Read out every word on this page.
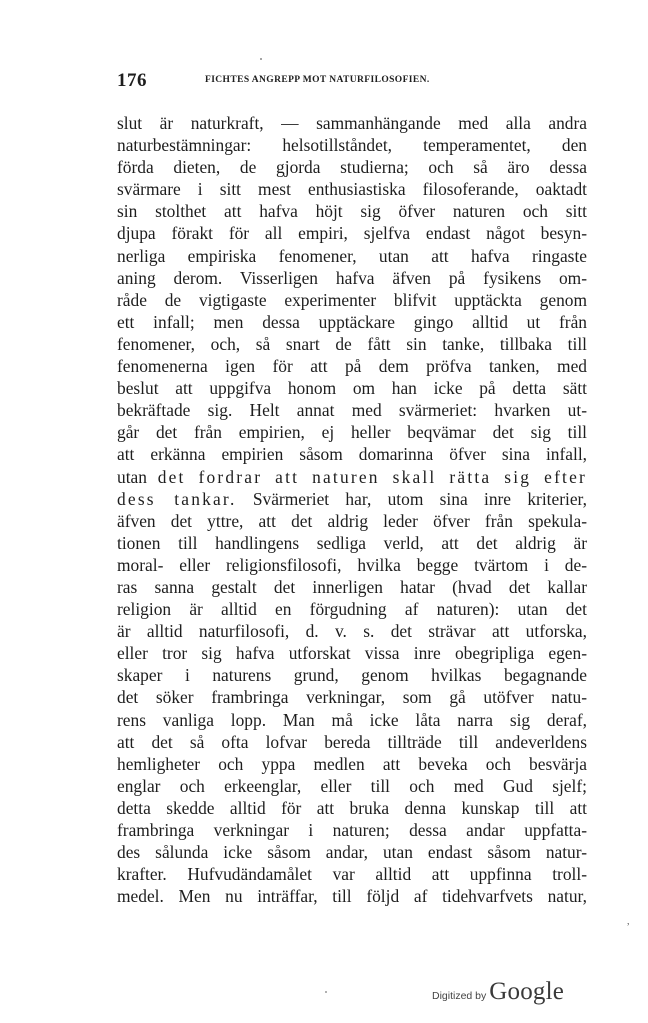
176	FICHTES ANGREPP MOT NATURFILOSOFIEN.
slut är naturkraft, — sammanhängande med alla andra
naturbestämningar: helsotillståndet, temperamentet, den
förda dieten, de gjorda studierna; och så äro dessa
svärmare i sitt mest enthusiastiska filosoferande, oaktadt
sin stolthet att hafva höjt sig öfver naturen och sitt
djupa förakt för all empiri, sjelfva endast något besyn-
nerliga empiriska fenomener, utan att hafva ringaste
aning derom. Visserligen hafva äfven på fysikens om-
råde de vigtigaste experimenter blifvit upptäckta genom
ett infall; men dessa upptäckare gingo alltid ut från
fenomener, och, så snart de fått sin tanke, tillbaka till
fenomenerna igen för att på dem pröfva tanken, med
beslut att uppgifva honom om han icke på detta sätt
bekräftade sig. Helt annat med svärmeriet: hvarken ut-
går det från empirien, ej heller beqvämar det sig till
att erkänna empirien såsom domarinna öfver sina infall,
utan det fordrar att naturen skall rätta sig efter
dess tankar. Svärmeriet har, utom sina inre kriterier,
äfven det yttre, att det aldrig leder öfver från spekula-
tionen till handlingens sedliga verld, att det aldrig är
moral- eller religionsfilosofi, hvilka begge tvärtom i de-
ras sanna gestalt det innerligen hatar (hvad det kallar
religion är alltid en förgudning af naturen): utan det
är alltid naturfilosofi, d. v. s. det strävar att utforska,
eller tror sig hafva utforskat vissa inre obegripliga egen-
skaper i naturens grund, genom hvilkas begagnande
det söker frambringa verkningar, som gå utöfver natu-
rens vanliga lopp. Man må icke låta narra sig deraf,
att det så ofta lofvar bereda tillträde till andeverldens
hemligheter och yppa medlen att beveka och besvärja
englar och erkeenglar, eller till och med Gud sjelf;
detta skedde alltid för att bruka denna kunskap till att
frambringa verkningar i naturen; dessa andar uppfatta-
des sålunda icke såsom andar, utan endast såsom natur-
krafter. Hufvudändamålet var alltid att uppfinna troll-
medel. Men nu inträffar, till följd af tidehvarfvets natur,
,
Digitized by Google
